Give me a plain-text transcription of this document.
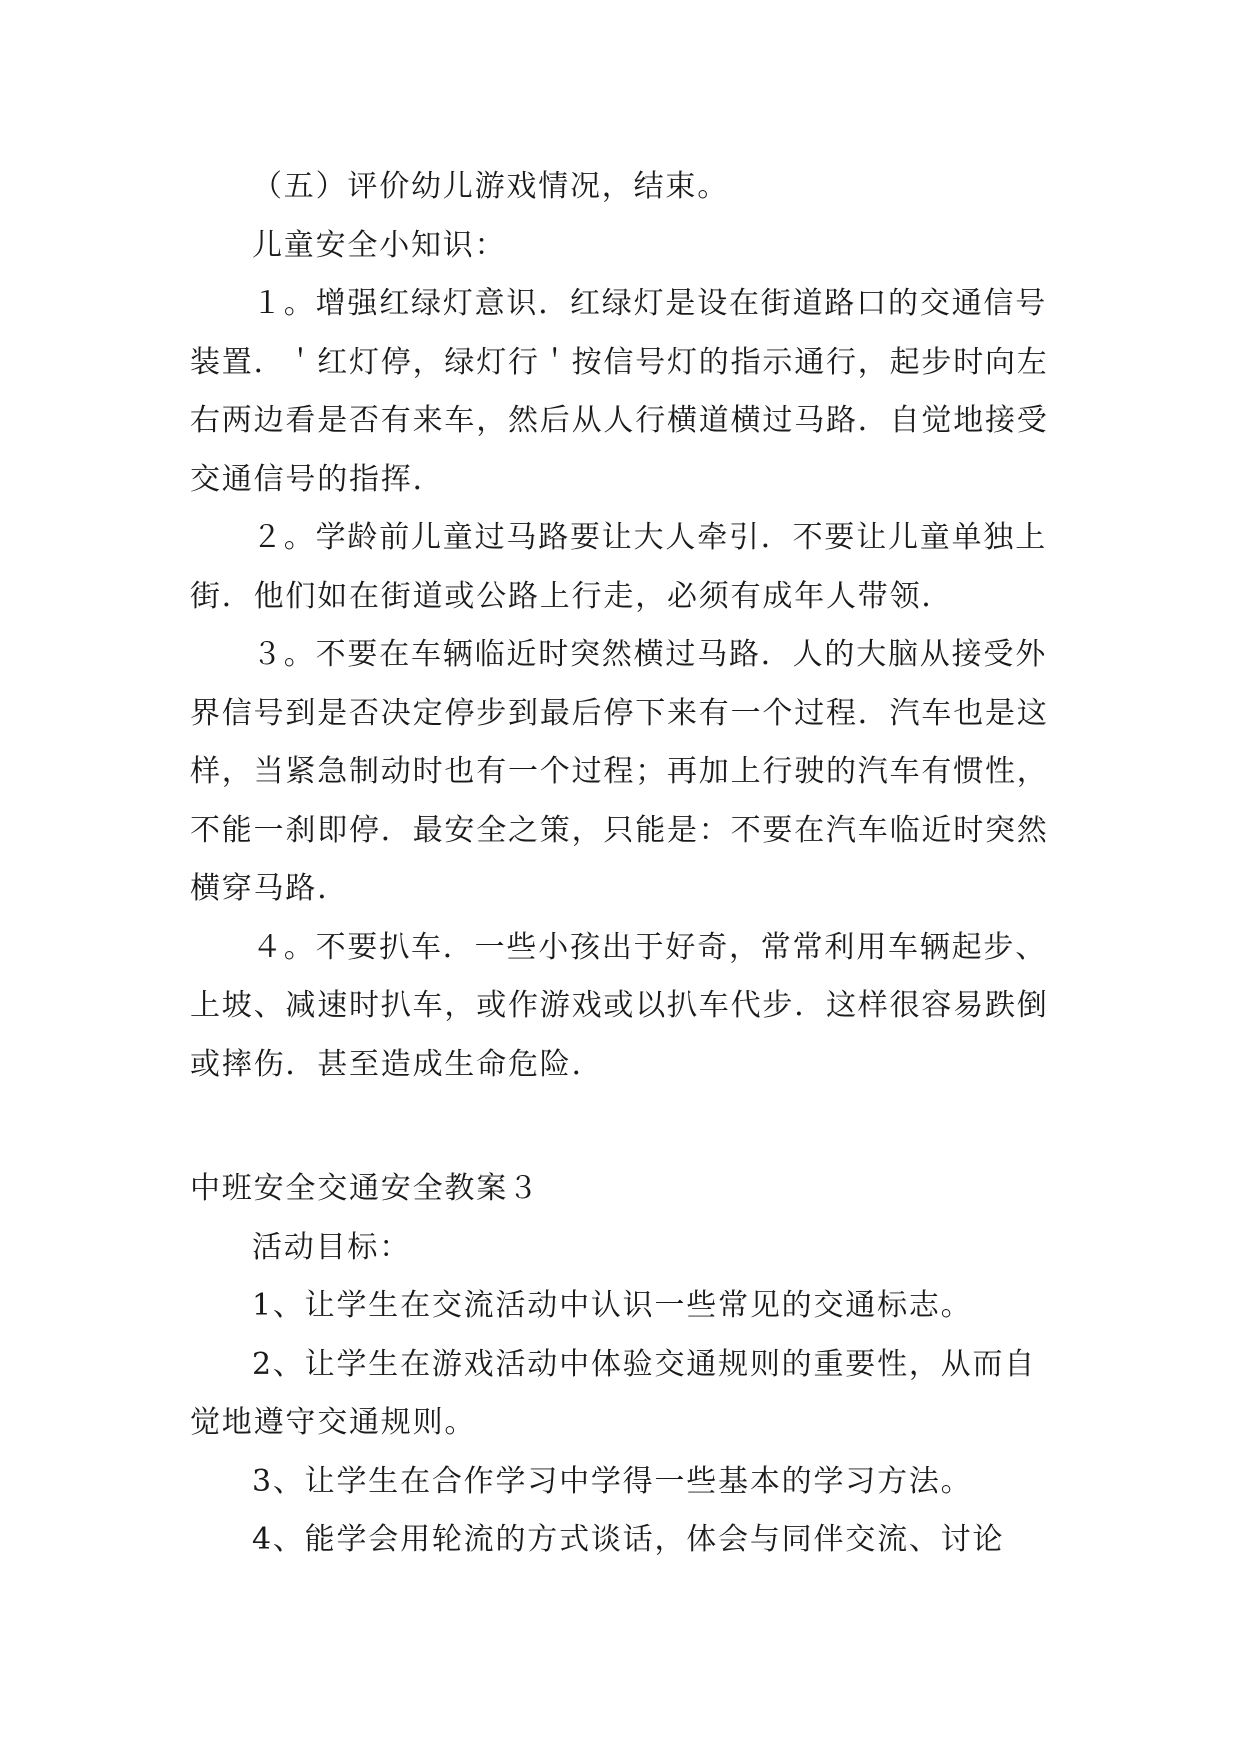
（五）评价幼儿游戏情况，结束。

儿童安全小知识：

１。增强红绿灯意识．红绿灯是设在街道路口的交通信号装置．＇红灯停，绿灯行＇按信号灯的指示通行，起步时向左右两边看是否有来车，然后从人行横道横过马路．自觉地接受交通信号的指挥．

２。学龄前儿童过马路要让大人牵引．不要让儿童单独上街．他们如在街道或公路上行走，必须有成年人带领．

３。不要在车辆临近时突然横过马路．人的大脑从接受外界信号到是否决定停步到最后停下来有一个过程．汽车也是这样，当紧急制动时也有一个过程；再加上行驶的汽车有惯性，不能一刹即停．最安全之策，只能是：不要在汽车临近时突然横穿马路．

４。不要扒车．一些小孩出于好奇，常常利用车辆起步、上坡、减速时扒车，或作游戏或以扒车代步．这样很容易跌倒或摔伤．甚至造成生命危险．

中班安全交通安全教案３

活动目标：

1、让学生在交流活动中认识一些常见的交通标志。

2、让学生在游戏活动中体验交通规则的重要性，从而自觉地遵守交通规则。

3、让学生在合作学习中学得一些基本的学习方法。

4、能学会用轮流的方式谈话，体会与同伴交流、讨论
